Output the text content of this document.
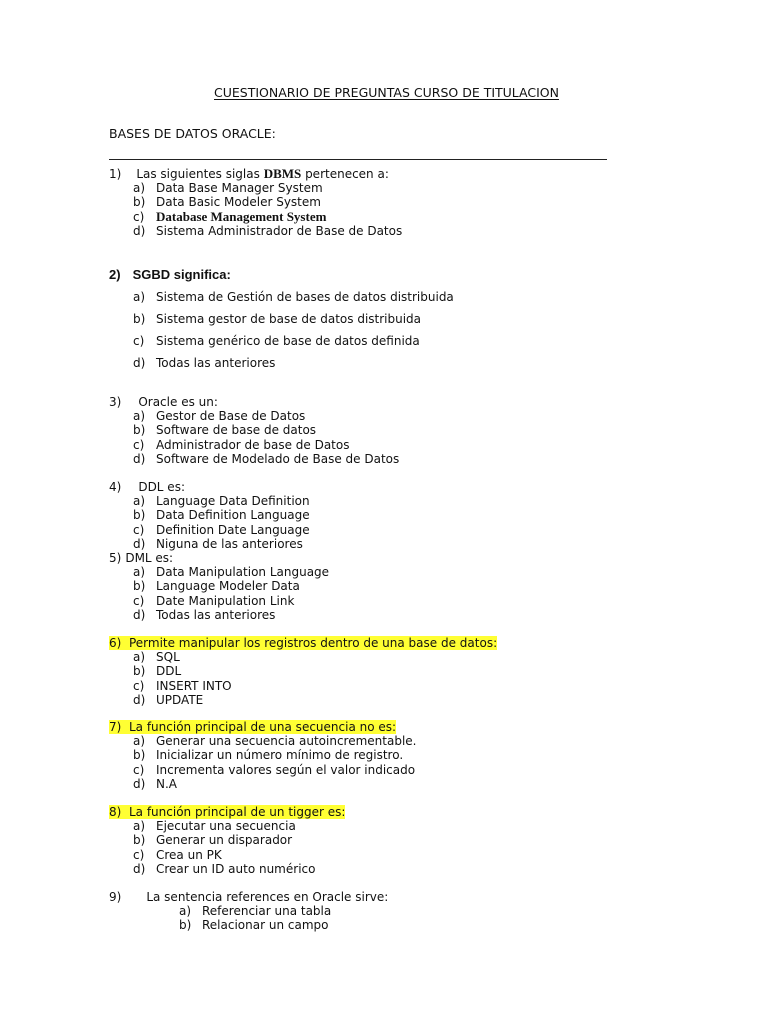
CUESTIONARIO DE PREGUNTAS CURSO DE TITULACION
BASES DE DATOS ORACLE:
1) Las siguientes siglas DBMS pertenecen a:
a) Data Base Manager System
b) Data Basic Modeler System
c) Database Management System
d) Sistema Administrador de Base de Datos
2) SGBD significa:
a) Sistema de Gestión de bases de datos distribuida
b) Sistema gestor de base de datos distribuida
c) Sistema genérico de base de datos definida
d) Todas las anteriores
3) Oracle es un:
a) Gestor de Base de Datos
b) Software de base de datos
c) Administrador de base de Datos
d) Software de Modelado de Base de Datos
4) DDL es:
a) Language Data Definition
b) Data Definition Language
c) Definition Date Language
d) Niguna de las anteriores
5) DML es:
a) Data Manipulation Language
b) Language Modeler Data
c) Date Manipulation Link
d) Todas las anteriores
6) Permite manipular los registros dentro de una base de datos:
a) SQL
b) DDL
c) INSERT INTO
d) UPDATE
7) La función principal de una secuencia no es:
a) Generar una secuencia autoincrementable.
b) Inicializar un número mínimo de registro.
c) Incrementa valores según el valor indicado
d) N.A
8) La función principal de un tigger es:
a) Ejecutar una secuencia
b) Generar un disparador
c) Crea un PK
d) Crear un ID auto numérico
9) La sentencia references en Oracle sirve:
a) Referenciar una tabla
b) Relacionar un campo
